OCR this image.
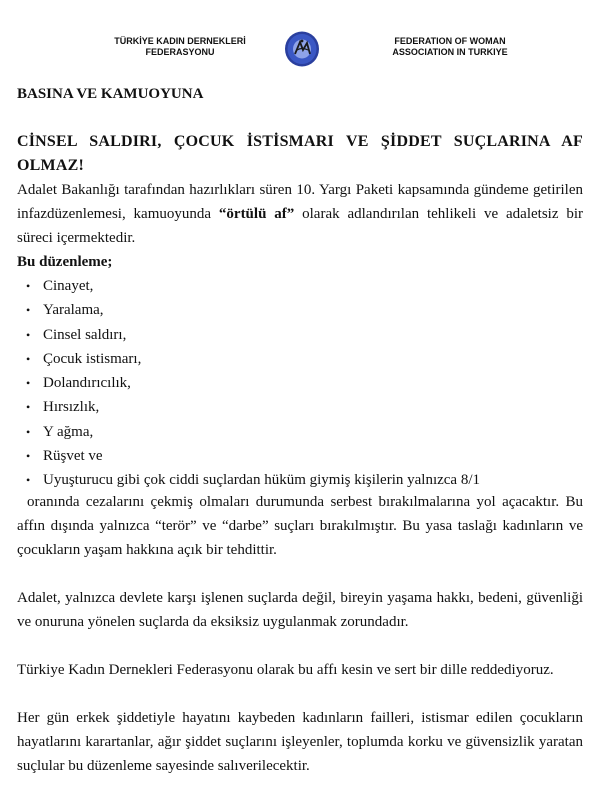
TÜRKİYE KADIN DERNEKLERİ
FEDERASYONU
FEDERATION OF WOMAN
ASSOCIATION IN TURKIYE
BASINA VE KAMUOYUNA
CİNSEL SALDIRI, ÇOCUK İSTİSMARI VE ŞİDDET SUÇLARINA AF OLMAZ!
Adalet Bakanlığı tarafından hazırlıkları süren 10. Yargı Paketi kapsamında gündeme getirilen infazdüzenlemesi, kamuoyunda “örtülü af” olarak adlandırılan tehlikeli ve adaletsiz bir süreci içermektedir.
Bu düzenleme;
• Cinayet,
• Yaralama,
• Cinsel saldırı,
• Çocuk istismarı,
• Dolandırıcılık,
• Hırsızlık,
• Y ağma,
• Rüşvet ve
• Uyuşturucu gibi çok ciddi suçlardan hüküm giymiş kişilerin yalnızca 8/1
oranında cezalarını çekmiş olmaları durumunda serbest bırakılmalarına yol açacaktır. Bu affın dışında yalnızca “terör” ve “darbe” suçları bırakılmıştır. Bu yasa taslağı kadınların ve çocukların yaşam hakkına açık bir tehdittir.
Adalet, yalnızca devlete karşı işlenen suçlarda değil, bireyin yaşama hakkı, bedeni, güvenliği ve onuruna yönelen suçlarda da eksiksiz uygulanmak zorundadır.
Türkiye Kadın Dernekleri Federasyonu olarak bu affı kesin ve sert bir dille reddediyoruz.
Her gün erkek şiddetiyle hayatını kaybeden kadınların failleri, istismar edilen çocukların hayatlarını karartanlar, ağır şiddet suçlarını işleyenler, toplumda korku ve güvensizlik yaratan suçlular bu düzenleme sayesinde salıverilecektir.
